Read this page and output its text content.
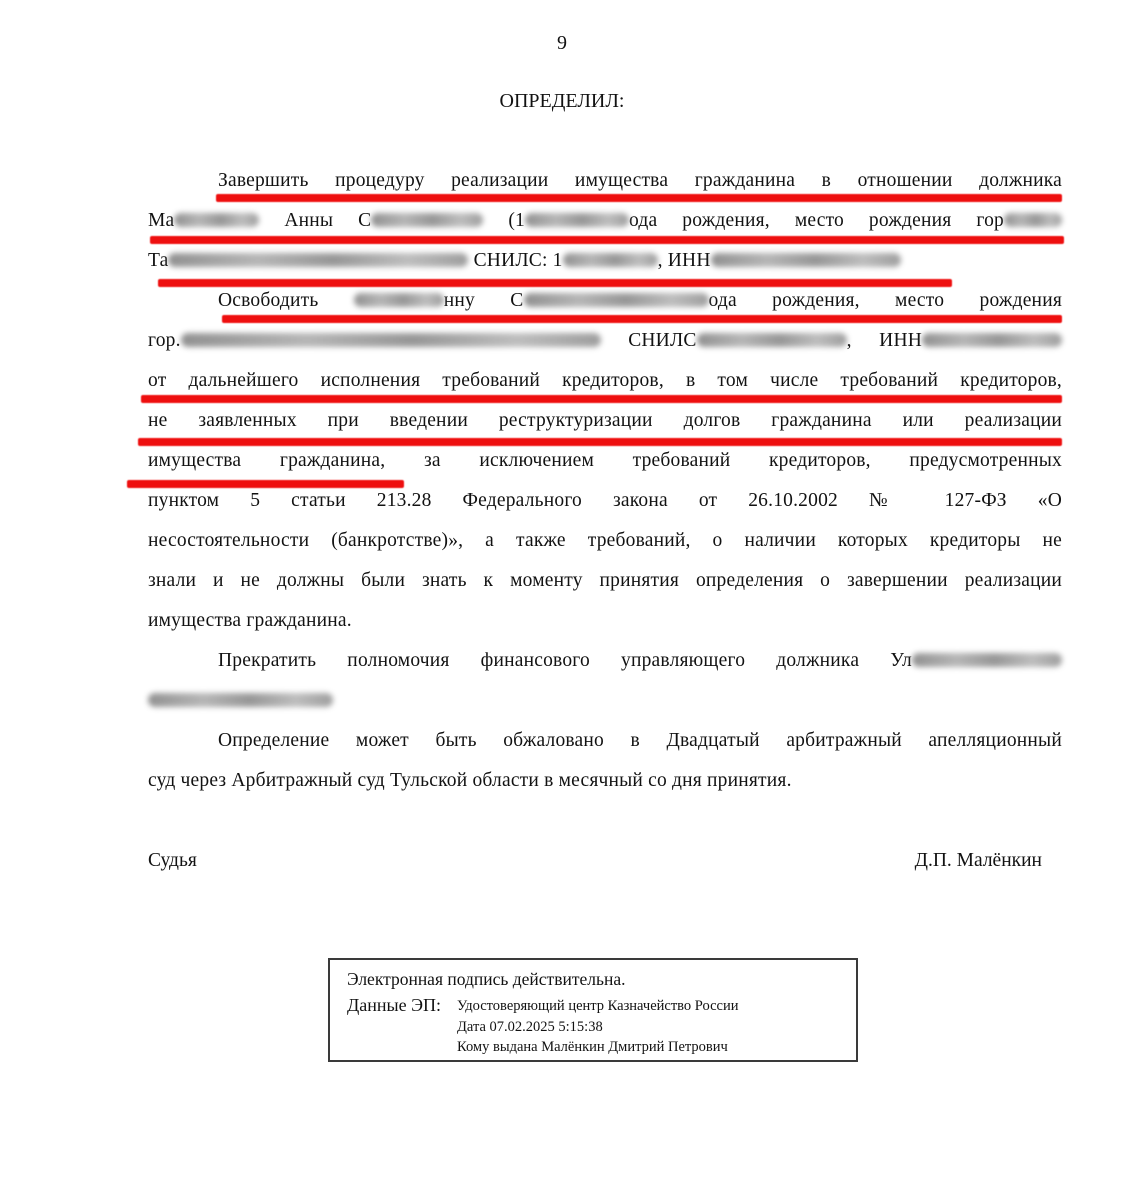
9
ОПРЕДЕЛИЛ:
Завершить процедуру реализации имущества гражданина в отношении должника
Ма	Анны С	(1	ода рождения, место рождения гор
Та	СНИЛС: 1	, ИНН
Освободить	нну С	ода рождения, место рождения
гор.	СНИЛС	, ИНН
от дальнейшего исполнения требований кредиторов, в том числе требований кредиторов,
не заявленных при введении реструктуризации долгов гражданина или реализации
имущества гражданина, за исключением требований кредиторов, предусмотренных
пунктом 5 статьи 213.28 Федерального закона от 26.10.2002 № 127-ФЗ «О
несостоятельности (банкротстве)», а также требований, о наличии которых кредиторы не
знали и не должны были знать к моменту принятия определения о завершении реализации
имущества гражданина.
Прекратить полномочия финансового управляющего должника Ул
Определение может быть обжаловано в Двадцатый арбитражный апелляционный
суд через Арбитражный суд Тульской области в месячный со дня принятия.
Судья	Д.П. Малёнкин
Электронная подпись действительна.
Данные ЭП:	Удостоверяющий центр Казначейство России
Дата 07.02.2025 5:15:38
Кому выдана Малёнкин Дмитрий Петрович
